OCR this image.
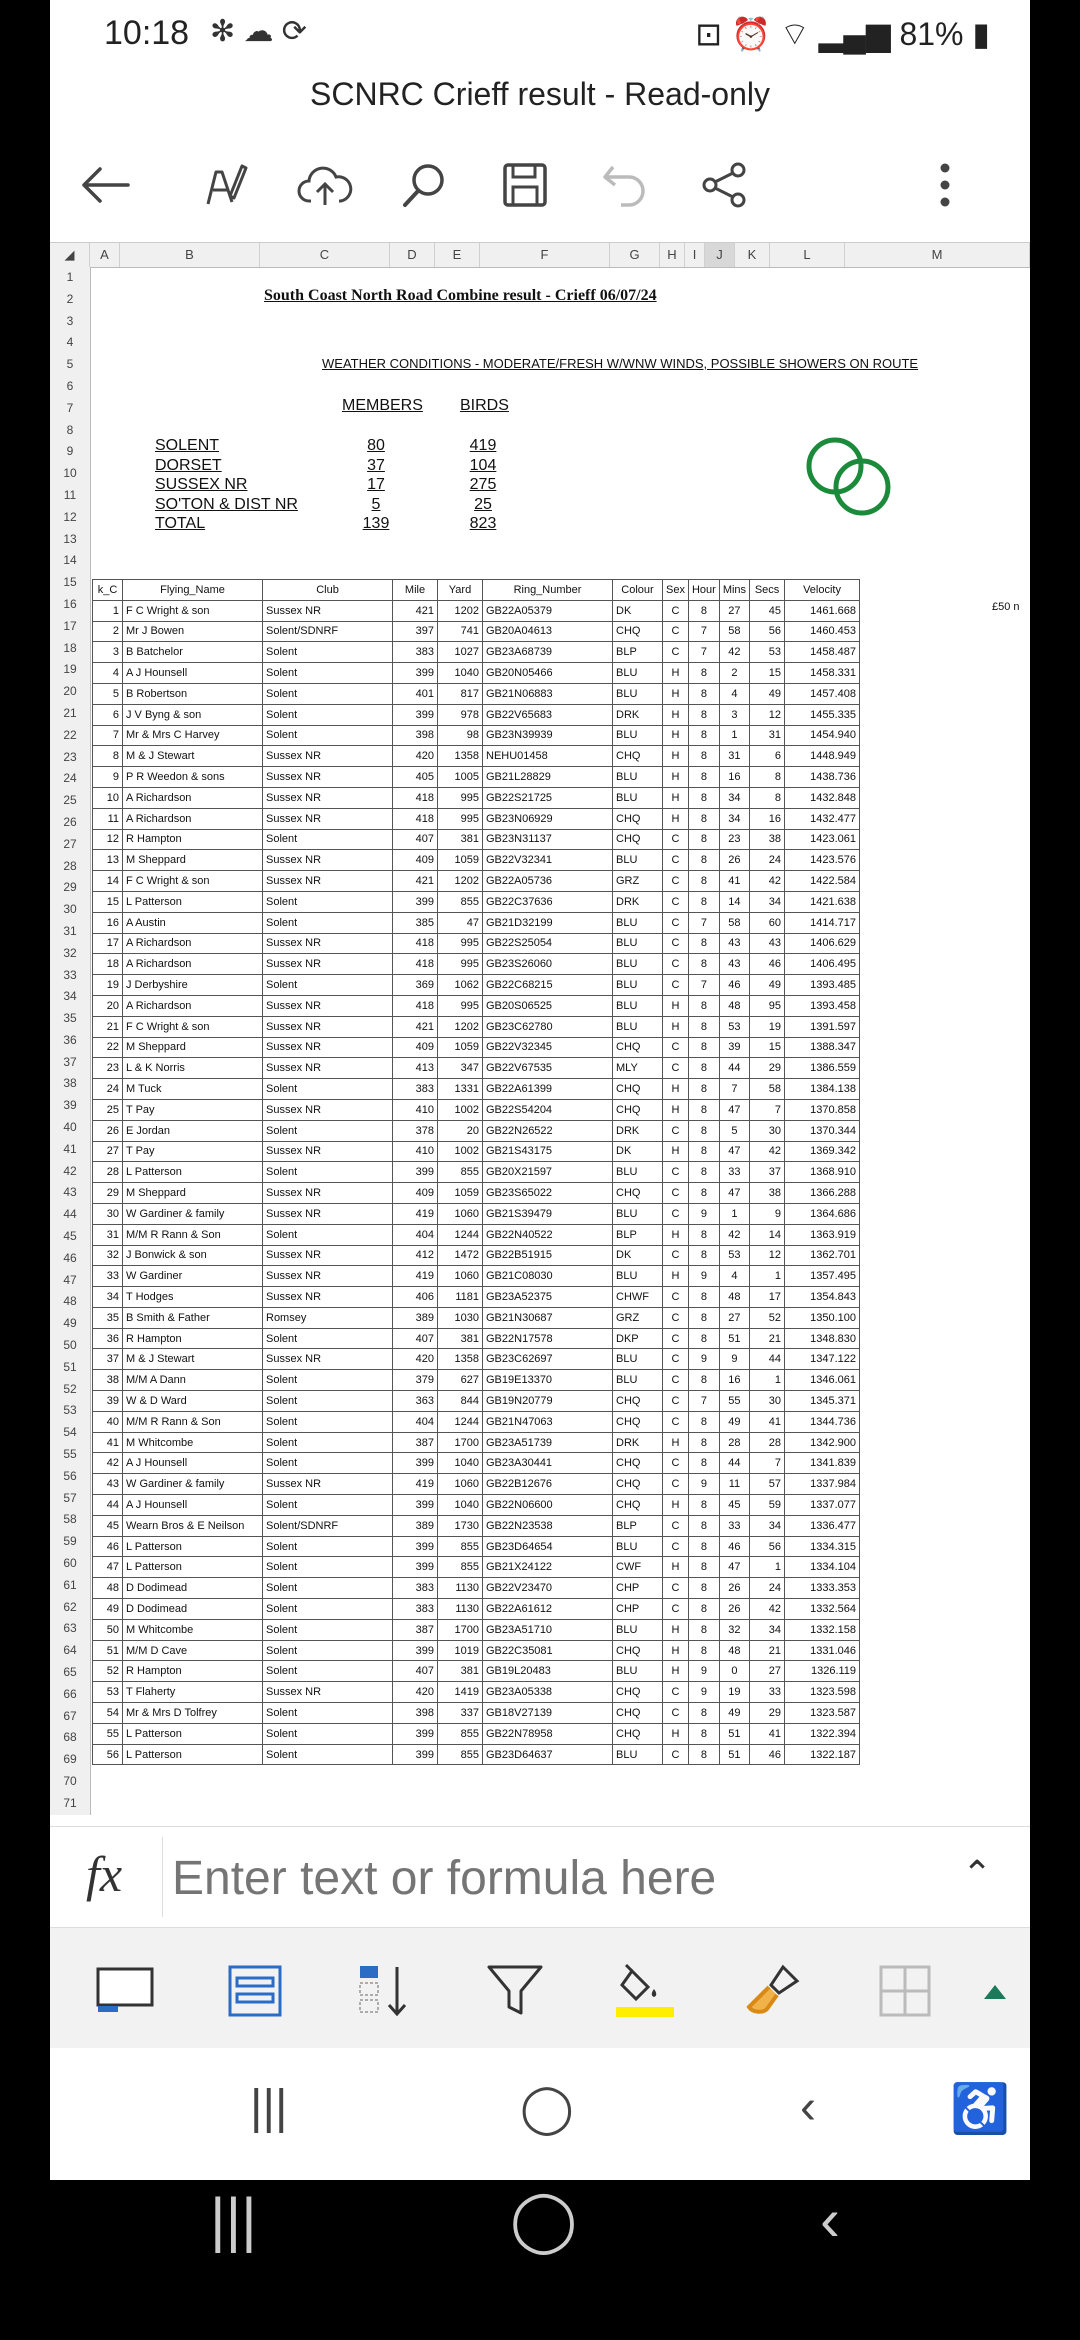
10:18 ✻ ☁ ⟳	⊡ ⏰ ⌔ ▂▄▆ 81% ▮
SCNRC Crieff result - Read-only
◢	A	B	C	D	E	F	G	H	I	J	K	L	M
1
2
3
4
5
6
7
8
9
10
11
12
13
14
15
16
17
18
19
20
21
22
23
24
25
26
27
28
29
30
31
32
33
34
35
36
37
38
39
40
41
42
43
44
45
46
47
48
49
50
51
52
53
54
55
56
57
58
59
60
61
62
63
64
65
66
67
68
69
70
71
South Coast North Road Combine result - Crieff 06/07/24
WEATHER CONDITIONS - MODERATE/FRESH W/WNW WINDS, POSSIBLE SHOWERS ON ROUTE
MEMBERS BIRDS
SOLENT	80	419
DORSET	37	104
SUSSEX NR	17	275
SO'TON & DIST NR	5	25
TOTAL	139	823
k_C	Flying_Name	Club	Mile	Yard	Ring_Number	Colour	Sex	Hour	Mins	Secs	Velocity
1	F C Wright & son	Sussex NR	421	1202	GB22A05379	DK	C	8	27	45	1461.668
2	Mr J Bowen	Solent/SDNRF	397	741	GB20A04613	CHQ	C	7	58	56	1460.453
3	B Batchelor	Solent	383	1027	GB23A68739	BLP	C	7	42	53	1458.487
4	A J Hounsell	Solent	399	1040	GB20N05466	BLU	H	8	2	15	1458.331
5	B Robertson	Solent	401	817	GB21N06883	BLU	H	8	4	49	1457.408
6	J V Byng & son	Solent	399	978	GB22V65683	DRK	H	8	3	12	1455.335
7	Mr & Mrs C Harvey	Solent	398	98	GB23N39939	BLU	H	8	1	31	1454.940
8	M & J Stewart	Sussex NR	420	1358	NEHU01458	CHQ	H	8	31	6	1448.949
9	P R Weedon & sons	Sussex NR	405	1005	GB21L28829	BLU	H	8	16	8	1438.736
10	A Richardson	Sussex NR	418	995	GB22S21725	BLU	H	8	34	8	1432.848
11	A Richardson	Sussex NR	418	995	GB23N06929	CHQ	H	8	34	16	1432.477
12	R Hampton	Solent	407	381	GB23N31137	CHQ	C	8	23	38	1423.061
13	M Sheppard	Sussex NR	409	1059	GB22V32341	BLU	C	8	26	24	1423.576
14	F C Wright & son	Sussex NR	421	1202	GB22A05736	GRZ	C	8	41	42	1422.584
15	L Patterson	Solent	399	855	GB22C37636	DRK	C	8	14	34	1421.638
16	A Austin	Solent	385	47	GB21D32199	BLU	C	7	58	60	1414.717
17	A Richardson	Sussex NR	418	995	GB22S25054	BLU	C	8	43	43	1406.629
18	A Richardson	Sussex NR	418	995	GB23S26060	BLU	C	8	43	46	1406.495
19	J Derbyshire	Solent	369	1062	GB22C68215	BLU	C	7	46	49	1393.485
20	A Richardson	Sussex NR	418	995	GB20S06525	BLU	H	8	48	95	1393.458
21	F C Wright & son	Sussex NR	421	1202	GB23C62780	BLU	H	8	53	19	1391.597
22	M Sheppard	Sussex NR	409	1059	GB22V32345	CHQ	C	8	39	15	1388.347
23	L & K Norris	Sussex NR	413	347	GB22V67535	MLY	C	8	44	29	1386.559
24	M Tuck	Solent	383	1331	GB22A61399	CHQ	H	8	7	58	1384.138
25	T Pay	Sussex NR	410	1002	GB22S54204	CHQ	H	8	47	7	1370.858
26	E Jordan	Solent	378	20	GB22N26522	DRK	C	8	5	30	1370.344
27	T Pay	Sussex NR	410	1002	GB21S43175	DK	H	8	47	42	1369.342
28	L Patterson	Solent	399	855	GB20X21597	BLU	C	8	33	37	1368.910
29	M Sheppard	Sussex NR	409	1059	GB23S65022	CHQ	C	8	47	38	1366.288
30	W Gardiner & family	Sussex NR	419	1060	GB21S39479	BLU	C	9	1	9	1364.686
31	M/M R Rann & Son	Solent	404	1244	GB22N40522	BLP	H	8	42	14	1363.919
32	J Bonwick & son	Sussex NR	412	1472	GB22B51915	DK	C	8	53	12	1362.701
33	W Gardiner	Sussex NR	419	1060	GB21C08030	BLU	H	9	4	1	1357.495
34	T Hodges	Sussex NR	406	1181	GB23A52375	CHWF	C	8	48	17	1354.843
35	B Smith & Father	Romsey	389	1030	GB21N30687	GRZ	C	8	27	52	1350.100
36	R Hampton	Solent	407	381	GB22N17578	DKP	C	8	51	21	1348.830
37	M & J Stewart	Sussex NR	420	1358	GB23C62697	BLU	C	9	9	44	1347.122
38	M/M A Dann	Solent	379	627	GB19E13370	BLU	C	8	16	1	1346.061
39	W & D Ward	Solent	363	844	GB19N20779	CHQ	C	7	55	30	1345.371
40	M/M R Rann & Son	Solent	404	1244	GB21N47063	CHQ	C	8	49	41	1344.736
41	M Whitcombe	Solent	387	1700	GB23A51739	DRK	H	8	28	28	1342.900
42	A J Hounsell	Solent	399	1040	GB23A30441	CHQ	C	8	44	7	1341.839
43	W Gardiner & family	Sussex NR	419	1060	GB22B12676	CHQ	C	9	11	57	1337.984
44	A J Hounsell	Solent	399	1040	GB22N06600	CHQ	H	8	45	59	1337.077
45	Wearn Bros & E Neilson	Solent/SDNRF	389	1730	GB22N23538	BLP	C	8	33	34	1336.477
46	L Patterson	Solent	399	855	GB23D64654	BLU	C	8	46	56	1334.315
47	L Patterson	Solent	399	855	GB21X24122	CWF	H	8	47	1	1334.104
48	D Dodimead	Solent	383	1130	GB22V23470	CHP	C	8	26	24	1333.353
49	D Dodimead	Solent	383	1130	GB22A61612	CHP	C	8	26	42	1332.564
50	M Whitcombe	Solent	387	1700	GB23A51710	BLU	H	8	32	34	1332.158
51	M/M D Cave	Solent	399	1019	GB22C35081	CHQ	H	8	48	21	1331.046
52	R Hampton	Solent	407	381	GB19L20483	BLU	H	9	0	27	1326.119
53	T Flaherty	Sussex NR	420	1419	GB23A05338	CHQ	C	9	19	33	1323.598
54	Mr & Mrs D Tolfrey	Solent	398	337	GB18V27139	CHQ	C	8	49	29	1323.587
55	L Patterson	Solent	399	855	GB22N78958	CHQ	H	8	51	41	1322.394
56	L Patterson	Solent	399	855	GB23D64637	BLU	C	8	51	46	1322.187
£50 n
fx
Enter text or formula here	⌃
|||	◯	‹	♿
|||	◯	‹
